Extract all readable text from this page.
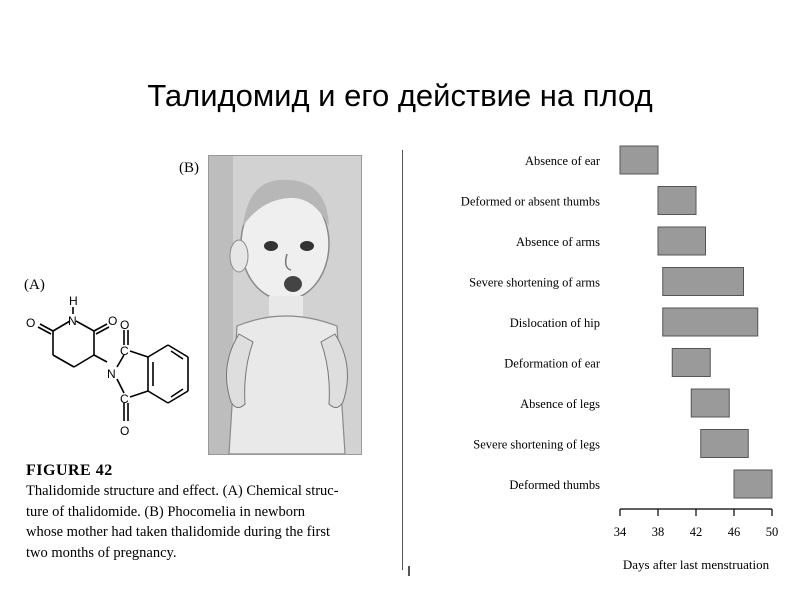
Талидомид и его действие на плод
(B)
(A)
H
N
O	O
N
O
C
C
O
FIGURE 42
Thalidomide structure and effect. (A) Chemical struc-
ture of thalidomide. (B) Phocomelia in newborn
whose mother had taken thalidomide during the first
two months of pregnancy.
Absence of ear
Deformed or absent thumbs
Absence of arms
Severe shortening of arms
Dislocation of hip
Deformation of ear
Absence of legs
Severe shortening of legs
Deformed thumbs
34 38 42 46 50
Days after last menstruation
